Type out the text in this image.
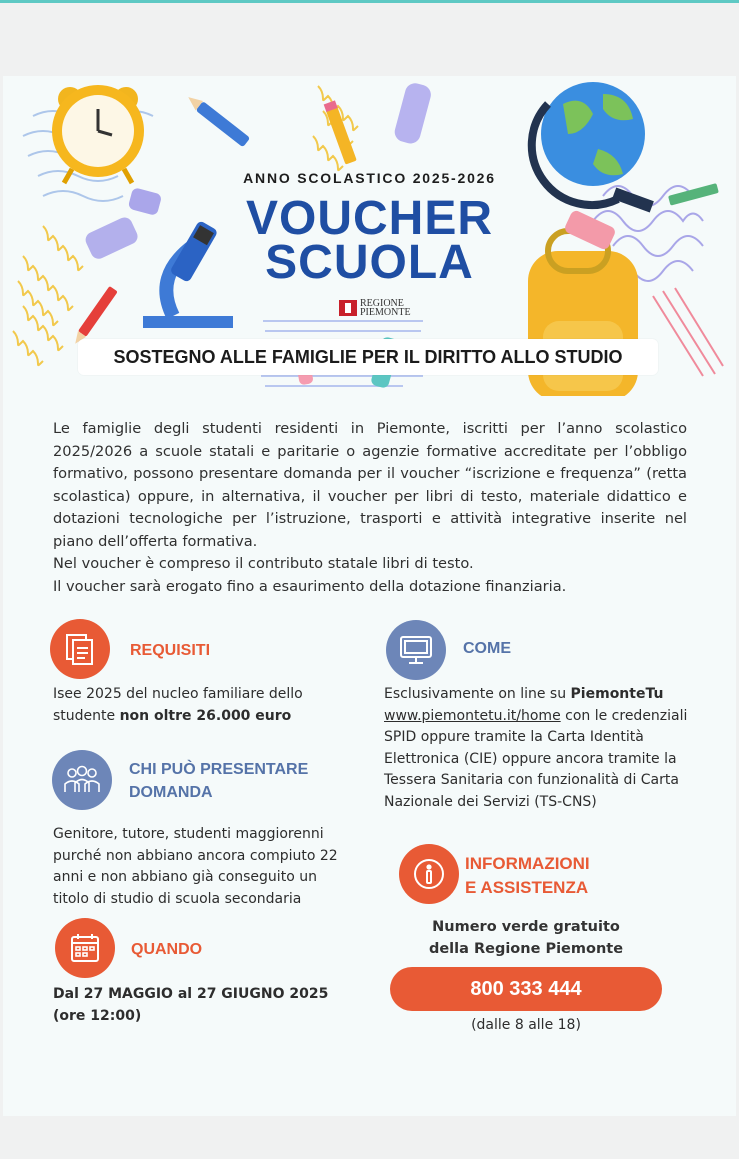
ANNO SCOLASTICO 2025-2026
VOUCHER
SCUOLA
REGIONE
PIEMONTE
SOSTEGNO ALLE FAMIGLIE PER IL DIRITTO ALLO STUDIO

Le famiglie degli studenti residenti in Piemonte, iscritti per l’anno scolastico 2025/2026 a scuole statali e paritarie o agenzie formative accreditate per l’obbligo formativo, possono presentare domanda per il voucher “iscrizione e frequenza” (retta scolastica) oppure, in alternativa, il voucher per libri di testo, materiale didattico e dotazioni tecnologiche per l’istruzione, trasporti e attività integrative inserite nel piano dell’offerta formativa.

Nel voucher è compreso il contributo statale libri di testo.

Il voucher sarà erogato fino a esaurimento della dotazione finanziaria.

REQUISITI
Isee 2025 del nucleo familiare dello studente non oltre 26.000 euro
CHI PUÒ PRESENTARE
DOMANDA
Genitore, tutore, studenti maggiorenni purché non abbiano ancora compiuto 22 anni e non abbiano già conseguito un titolo di studio di scuola secondaria
QUANDO
Dal 27 MAGGIO al 27 GIUGNO 2025
(ore 12:00)
COME
Esclusivamente on line su PiemonteTu www.piemontetu.it/home con le credenziali SPID oppure tramite la Carta Identità Elettronica (CIE) oppure ancora tramite la Tessera Sanitaria con funzionalità di Carta Nazionale dei Servizi (TS-CNS)
INFORMAZIONI
E ASSISTENZA
Numero verde gratuito
della Regione Piemonte
800 333 444
(dalle 8 alle 18)
